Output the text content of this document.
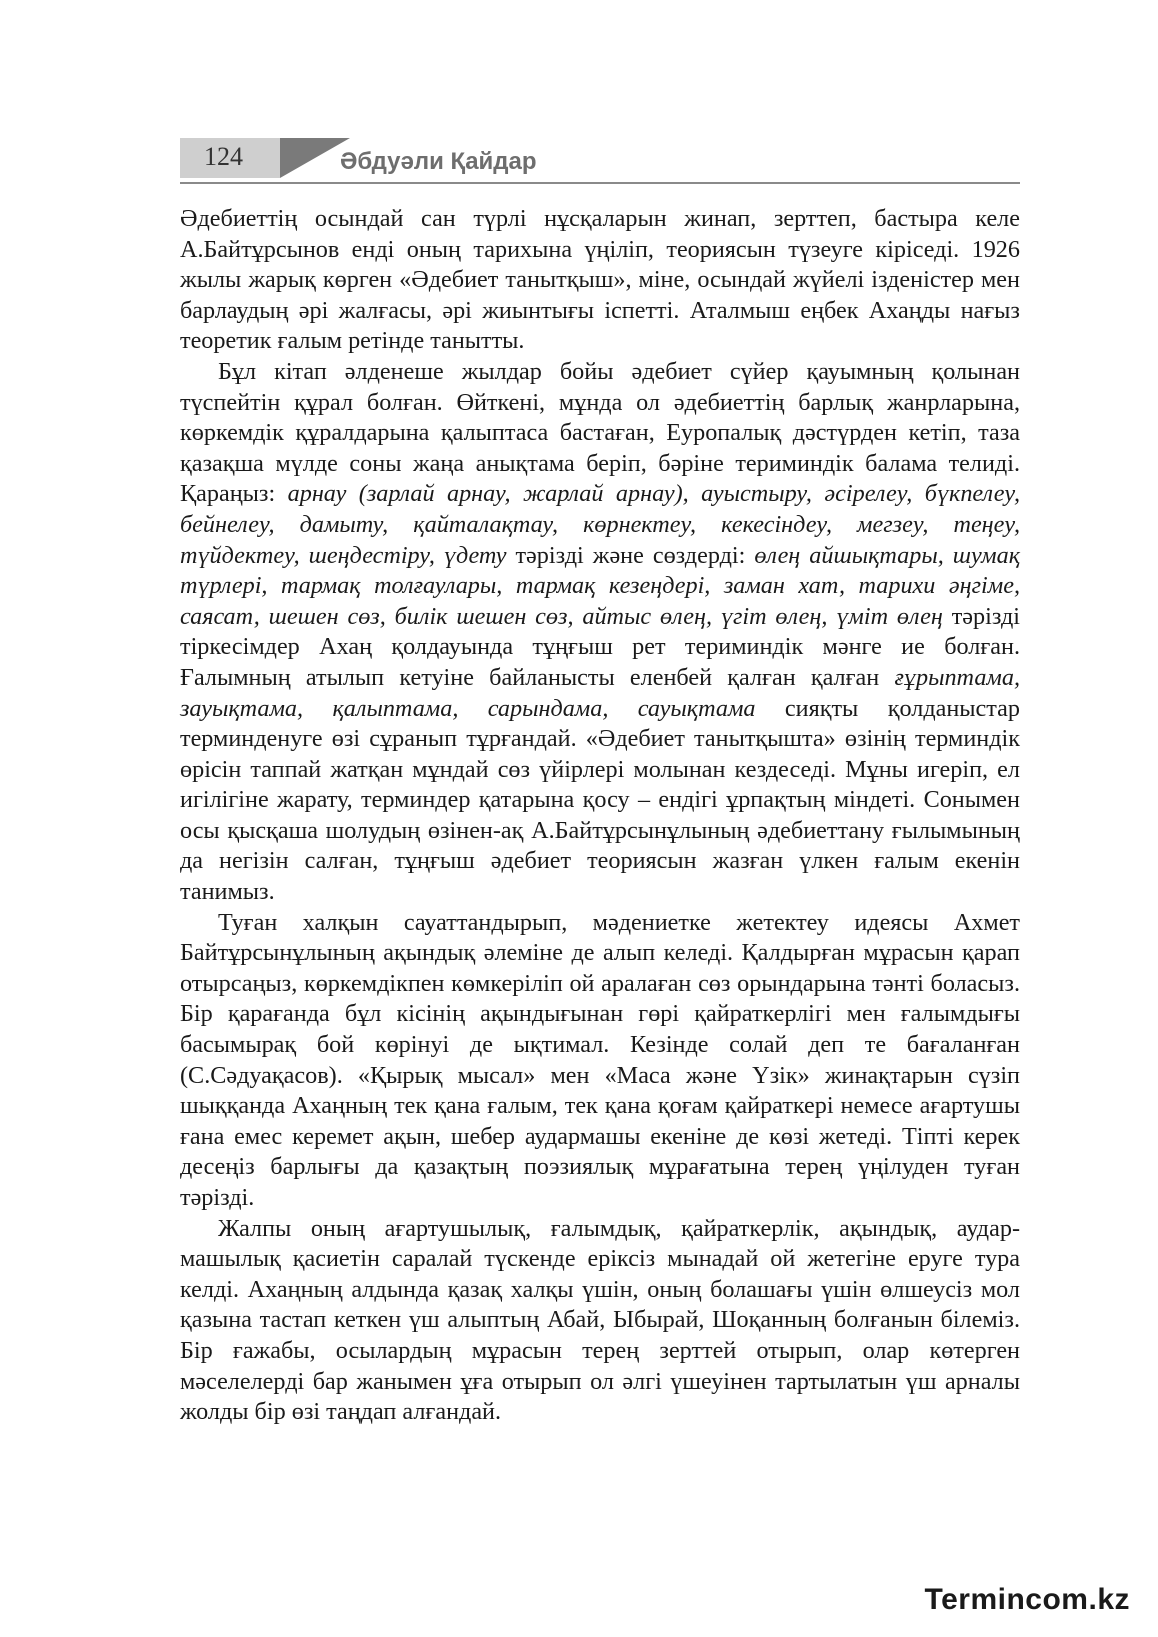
124	Әбдуәли Қайдар

Әдебиеттің осындай сан түрлі нұсқаларын жинап, зерттеп, бастыра келе А.Байтұрсынов енді оның тарихына үңіліп, теориясын түзеуге кіріседі. 1926 жылы жарық көрген «Әдебиет танытқыш», міне, осындай жүйелі ізденістер мен барлаудың әрі жалғасы, әрі жиынтығы іспетті. Аталмыш еңбек Ахаңды нағыз теоретик ғалым ретінде танытты.

Бұл кітап әлденеше жылдар бойы әдебиет сүйер қауымның қолынан түспейтін құрал болған. Өйткені, мұнда ол әдебиеттің барлық жанрларына, көркемдік құралдарына қалыптаса бастаған, Еуропалық дәстүрден кетіп, таза қазақша мүлде соны жаңа анықтама беріп, бәріне териминдік балама телиді. Қараңыз: арнау (зарлай арнау, жарлай арнау), ауыстыру, әсірелеу, бүкпелеу, бейнелеу, дамыту, қайталақтау, көрнектеу, кекесіндеу, мегзеу, теңеу, түйдектеу, шеңдестіру, үдету тәрізді және сөздерді: өлең айшықтары, шумақ түрлері, тармақ толғаулары, тармақ кезеңдері, заман хат, тарихи әңгіме, саясат, шешен сөз, билік шешен сөз, айтыс өлең, үгіт өлең, үміт өлең тәрізді тіркесімдер Ахаң қолдауында тұңғыш рет териминдік мәнге ие болған. Ғалымның атылып кетуіне байланысты еленбей қалған қалған ғұрыптама, зауықтама, қалыптама, сарындама, сауықтама сияқты қолданыстар терминденуге өзі сұранып тұрғандай. «Әдебиет танытқышта» өзінің терминдік өрісін таппай жатқан мұндай сөз үйірлері молынан кездеседі. Мұны игеріп, ел игілігіне жарату, терминдер қатарына қосу – ендігі ұрпақтың міндеті. Сонымен осы қысқаша шолудың өзінен-ақ А.Байтұрсынұлының әдебиеттану ғылымының да негізін салған, тұңғыш әдебиет теориясын жазған үлкен ғалым екенін танимыз.

Туған халқын сауаттандырып, мәдениетке жетектеу идеясы Ахмет Байтұрсынұлының ақындық әлеміне де алып келеді. Қалдырған мұрасын қарап отырсаңыз, көркемдікпен көмкеріліп ой аралаған сөз орындарына тәнті боласыз. Бір қарағанда бұл кісінің ақындығынан гөрі қайраткерлігі мен ғалымдығы басымырақ бой көрінуі де ықтимал. Кезінде солай деп те бағаланған (С.Сәдуақасов). «Қырық мысал» мен «Маса және Үзік» жинақтарын сүзіп шыққанда Ахаңның тек қана ғалым, тек қана қоғам қайраткері немесе ағартушы ғана емес керемет ақын, шебер аудармашы екеніне де көзі жетеді. Тіпті керек десеңіз барлығы да қазақтың поэзиялық мұрағатына терең үңілуден туған тәрізді.

Жалпы оның ағартушылық, ғалымдық, қайраткерлік, ақындық, аудармашылық қасиетін саралай түскенде еріксіз мынадай ой жетегіне еруге тура келді. Ахаңның алдында қазақ халқы үшін, оның болашағы үшін өлшеусіз мол қазына тастап кеткен үш алыптың Абай, Ыбырай, Шоқанның болғанын білеміз. Бір ғажабы, осылардың мұрасын терең зерттей отырып, олар көтерген мәселелерді бар жанымен ұға отырып ол әлгі үшеуінен тартылатын үш арналы жолды бір өзі таңдап алғандай.

Termincom.kz
